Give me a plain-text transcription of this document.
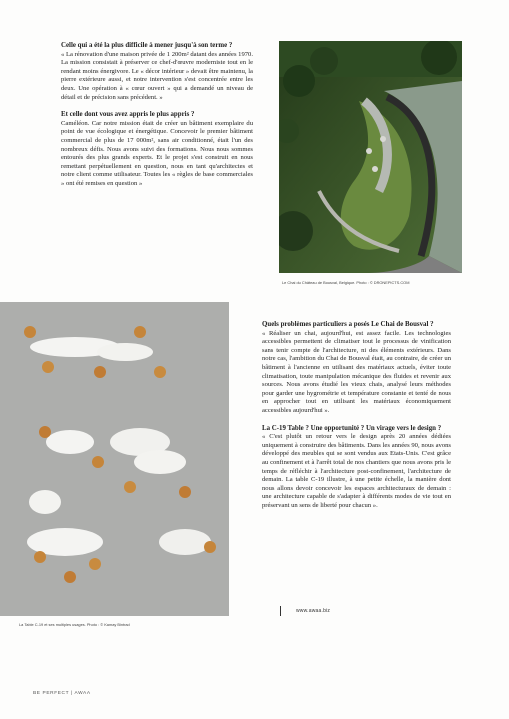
Celle qui a été la plus difficile à mener jusqu'à son terme ?

« La rénovation d'une maison privée de 1 200m² datant des années 1970. La mission consistait à préserver ce chef-d'œuvre moderniste tout en le rendant moins énergivore. Le « décor intérieur » devait être maintenu, la pierre extérieure aussi, et notre intervention s'est concentrée entre les deux. Une opération à « cœur ouvert » qui a demandé un niveau de détail et de précision sans précédent. »

Et celle dont vous avez appris le plus appris ?

Caméléon. Car notre mission était de créer un bâtiment exemplaire du point de vue écologique et énergétique. Concevoir le premier bâtiment commercial de plus de 17 000m², sans air conditionné, était l'un des nombreux défis. Nous avons suivi des formations. Nous nous sommes entourés des plus grands experts. Et le projet s'est construit en nous remettant perpétuellement en question, nous en tant qu'architectes et notre client comme utilisateur. Toutes les « règles de base commerciales » ont été remises en question »

Le Chai du Château de Bousval, Belgique. Photo : © DRONEPICTS.COM
La Table C-19 et ses multiples usages. Photo : © Kamay Bintrad

Quels problèmes particuliers a posés Le Chai de Bousval ?

« Réaliser un chai, aujourd'hui, est assez facile. Les technologies accessibles permettent de climatiser tout le processus de vinification sans tenir compte de l'architecture, ni des éléments extérieurs. Dans notre cas, l'ambition du Chai de Bousval était, au contraire, de créer un bâtiment à l'ancienne en utilisant des matériaux actuels, éviter toute climatisation, toute manipulation mécanique des fluides et revenir aux sources. Nous avons étudié les vieux chais, analysé leurs méthodes pour garder une hygrométrie et température constante et tenté de nous en approcher tout en utilisant les matériaux économiquement accessibles aujourd'hui ».

La C-19 Table ? Une opportunité ? Un virage vers le design ?

« C'est plutôt un retour vers le design après 20 années dédiées uniquement à construire des bâtiments. Dans les années 90, nous avons développé des meubles qui se sont vendus aux Etats-Unis. C'est grâce au confinement et à l'arrêt total de nos chantiers que nous avons pris le temps de réfléchir à l'architecture post-confinement, l'architecture de demain. La table C-19 illustre, à une petite échelle, la manière dont nous allons devoir concevoir les espaces architecturaux de demain : une architecture capable de s'adapter à différents modes de vie tout en préservant un sens de liberté pour chacun ».

www.awaa.biz
BE PERFECT | AWAA
